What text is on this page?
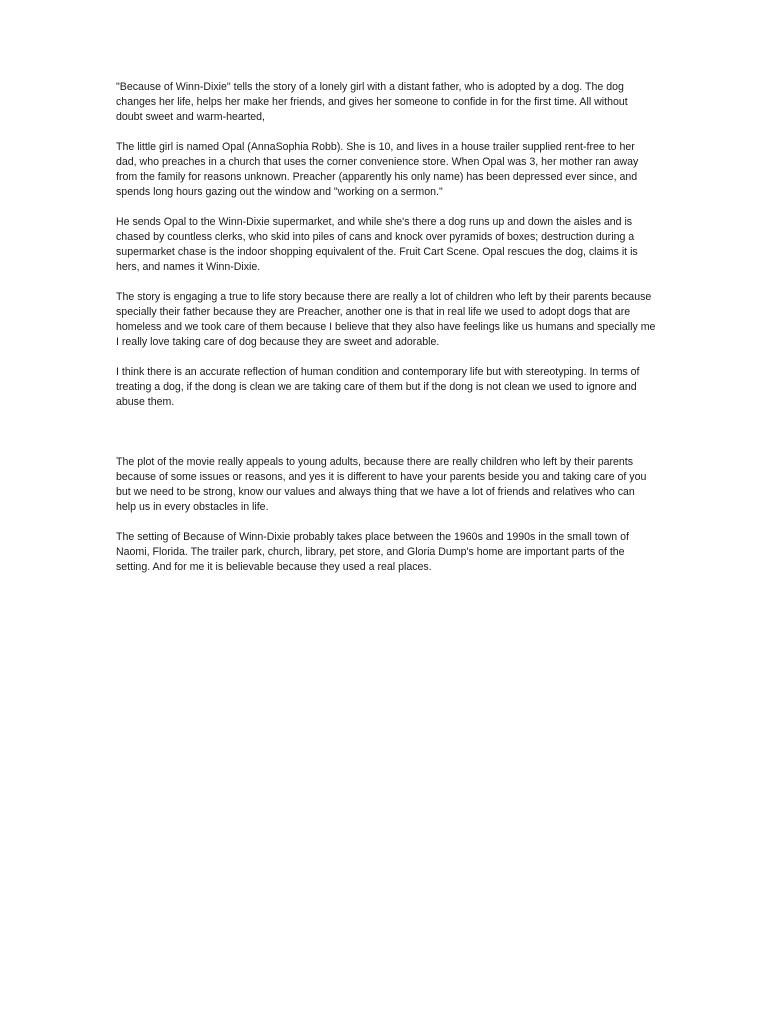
"Because of Winn-Dixie" tells the story of a lonely girl with a distant father, who is adopted by a dog. The dog changes her life, helps her make her friends, and gives her someone to confide in for the first time. All without doubt sweet and warm-hearted,

The little girl is named Opal (AnnaSophia Robb). She is 10, and lives in a house trailer supplied rent-free to her dad, who preaches in a church that uses the corner convenience store. When Opal was 3, her mother ran away from the family for reasons unknown. Preacher (apparently his only name) has been depressed ever since, and spends long hours gazing out the window and "working on a sermon."

He sends Opal to the Winn-Dixie supermarket, and while she's there a dog runs up and down the aisles and is chased by countless clerks, who skid into piles of cans and knock over pyramids of boxes; destruction during a supermarket chase is the indoor shopping equivalent of the. Fruit Cart Scene. Opal rescues the dog, claims it is hers, and names it Winn-Dixie.

The story is engaging a true to life story because there are really a lot of children who left by their parents because specially their father because they are Preacher, another one is that in real life we used to adopt dogs that are homeless and we took care of them because I believe that they also have feelings like us humans and specially me I really love taking care of dog because they are sweet and adorable.

I think there is an accurate reflection of human condition and contemporary life but with stereotyping. In terms of treating a dog, if the dong is clean we are taking care of them but if the dong is not clean we used to ignore and abuse them.

The plot of the movie really appeals to young adults, because there are really children who left by their parents because of some issues or reasons, and yes it is different to have your parents beside you and taking care of you but we need to be strong, know our values and always thing that we have a lot of friends and relatives who can help us in every obstacles in life.

The setting of Because of Winn-Dixie probably takes place between the 1960s and 1990s in the small town of Naomi, Florida. The trailer park, church, library, pet store, and Gloria Dump's home are important parts of the setting. And for me it is believable because they used a real places.
